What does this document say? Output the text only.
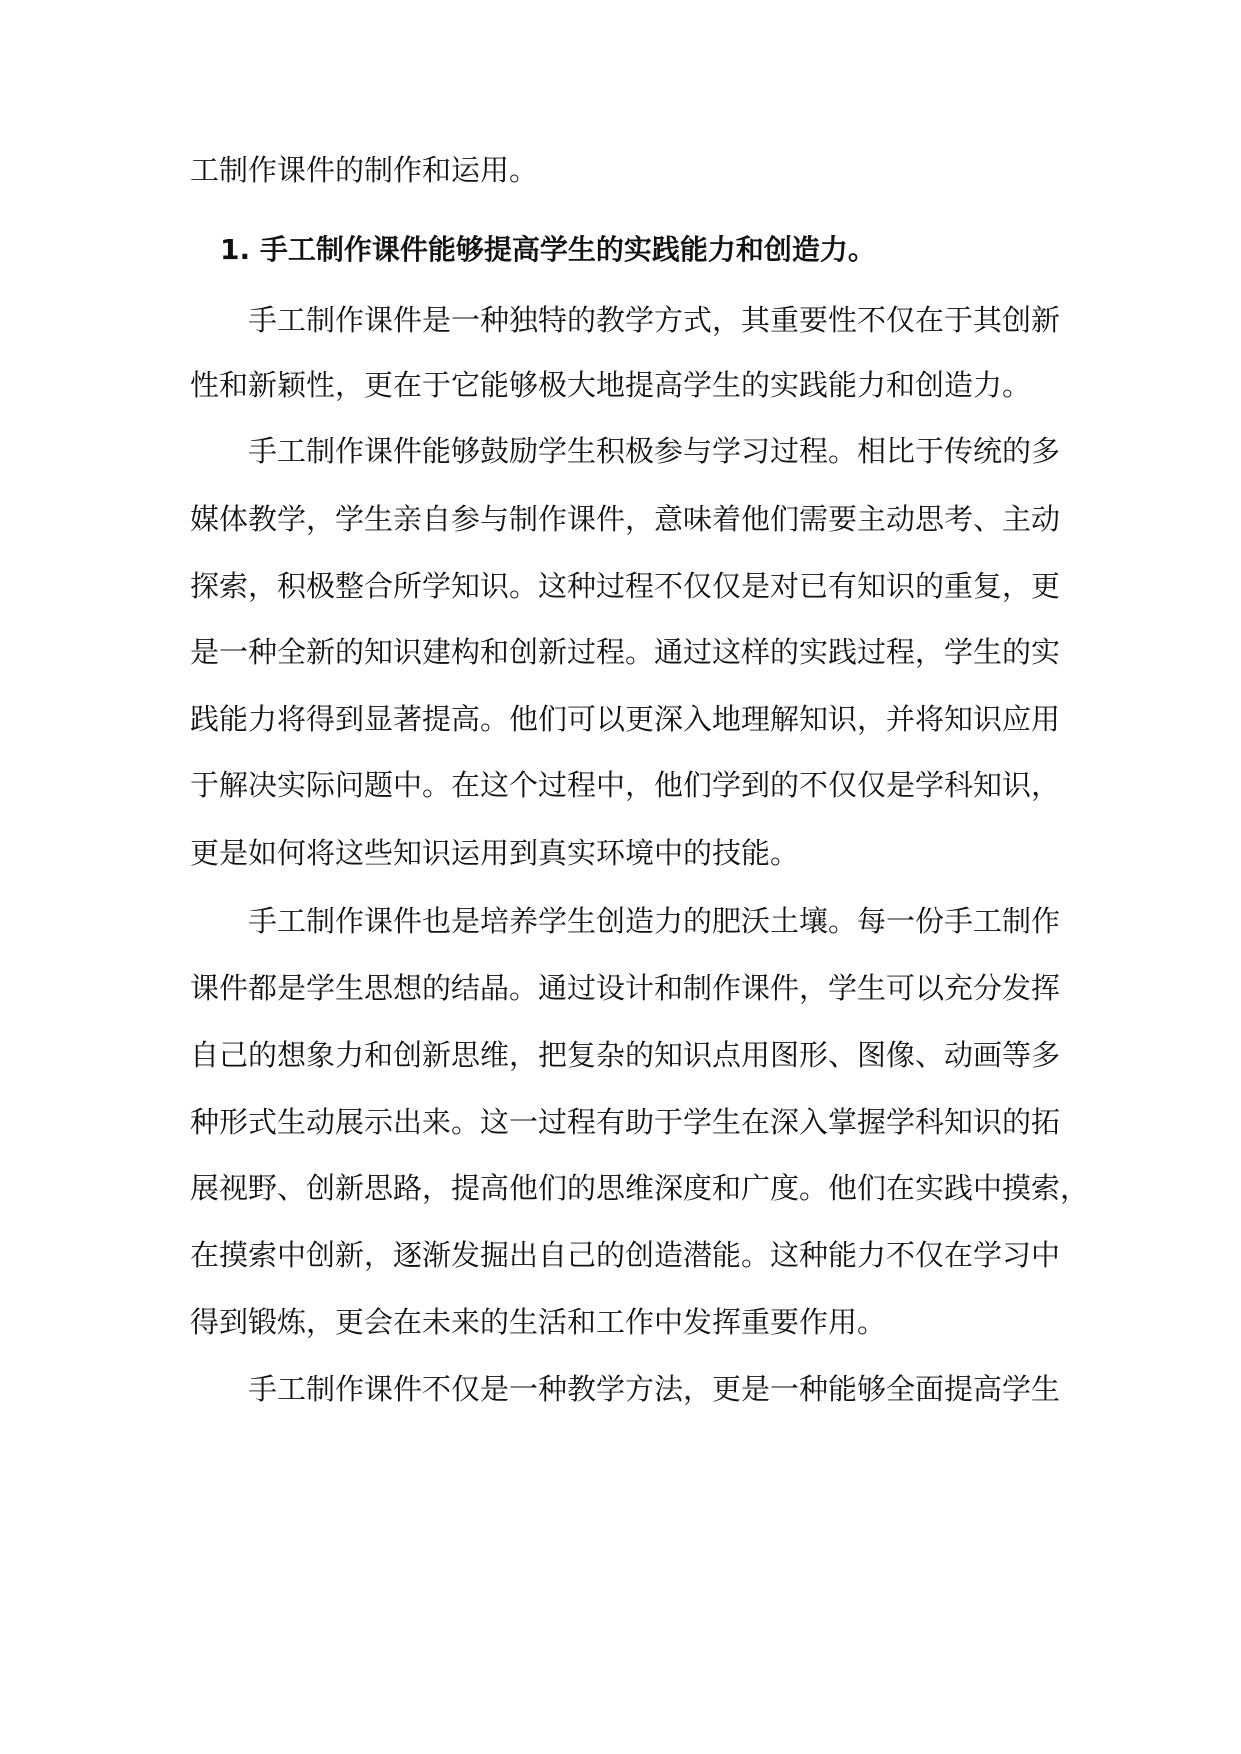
工制作课件的制作和运用。
1. 手工制作课件能够提高学生的实践能力和创造力。
手工制作课件是一种独特的教学方式，其重要性不仅在于其创新
性和新颖性，更在于它能够极大地提高学生的实践能力和创造力。
手工制作课件能够鼓励学生积极参与学习过程。相比于传统的多
媒体教学，学生亲自参与制作课件，意味着他们需要主动思考、主动
探索，积极整合所学知识。这种过程不仅仅是对已有知识的重复，更
是一种全新的知识建构和创新过程。通过这样的实践过程，学生的实
践能力将得到显著提高。他们可以更深入地理解知识，并将知识应用
于解决实际问题中。在这个过程中，他们学到的不仅仅是学科知识，
更是如何将这些知识运用到真实环境中的技能。
手工制作课件也是培养学生创造力的肥沃土壤。每一份手工制作
课件都是学生思想的结晶。通过设计和制作课件，学生可以充分发挥
自己的想象力和创新思维，把复杂的知识点用图形、图像、动画等多
种形式生动展示出来。这一过程有助于学生在深入掌握学科知识的拓
展视野、创新思路，提高他们的思维深度和广度。他们在实践中摸索，
在摸索中创新，逐渐发掘出自己的创造潜能。这种能力不仅在学习中
得到锻炼，更会在未来的生活和工作中发挥重要作用。
手工制作课件不仅是一种教学方法，更是一种能够全面提高学生
